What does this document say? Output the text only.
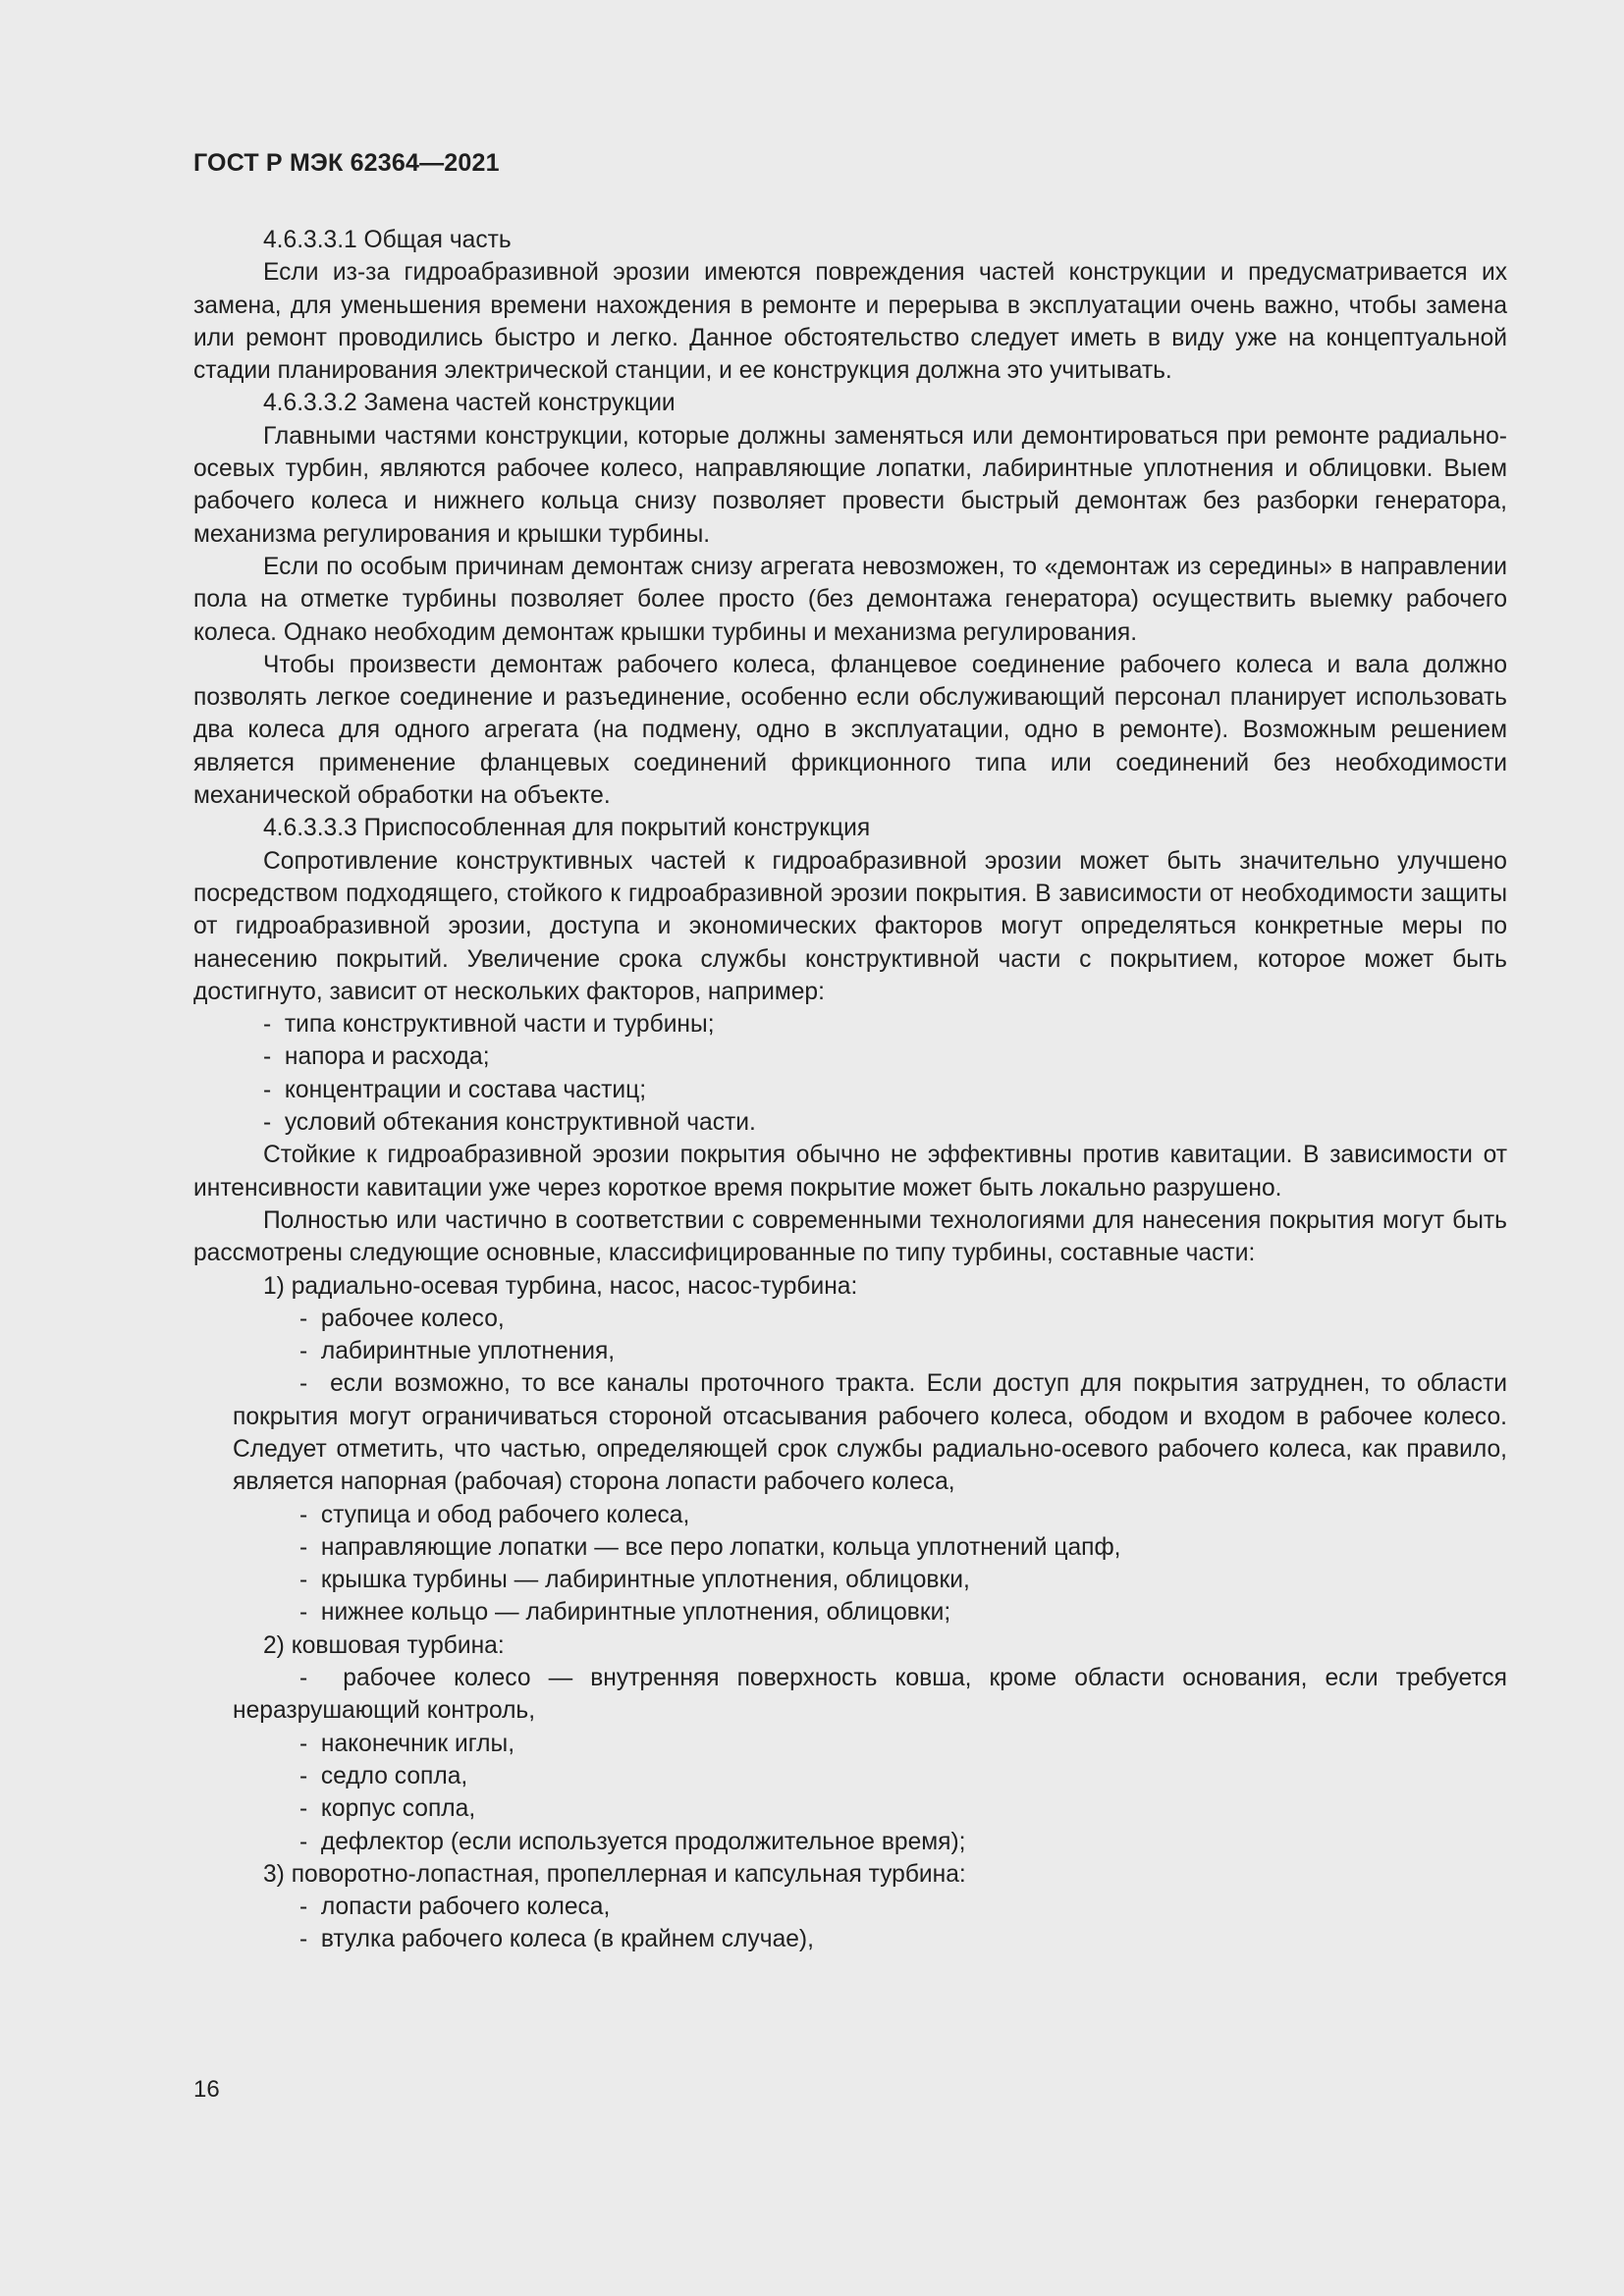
ГОСТ Р МЭК 62364—2021

4.6.3.3.1 Общая часть

Если из-за гидроабразивной эрозии имеются повреждения частей конструкции и предусматривается их замена, для уменьшения времени нахождения в ремонте и перерыва в эксплуатации очень важно, чтобы замена или ремонт проводились быстро и легко. Данное обстоятельство следует иметь в виду уже на концептуальной стадии планирования электрической станции, и ее конструкция должна это учитывать.

4.6.3.3.2 Замена частей конструкции

Главными частями конструкции, которые должны заменяться или демонтироваться при ремонте радиально-осевых турбин, являются рабочее колесо, направляющие лопатки, лабиринтные уплотнения и облицовки. Выем рабочего колеса и нижнего кольца снизу позволяет провести быстрый демонтаж без разборки генератора, механизма регулирования и крышки турбины.

Если по особым причинам демонтаж снизу агрегата невозможен, то «демонтаж из середины» в направлении пола на отметке турбины позволяет более просто (без демонтажа генератора) осуществить выемку рабочего колеса. Однако необходим демонтаж крышки турбины и механизма регулирования.

Чтобы произвести демонтаж рабочего колеса, фланцевое соединение рабочего колеса и вала должно позволять легкое соединение и разъединение, особенно если обслуживающий персонал планирует использовать два колеса для одного агрегата (на подмену, одно в эксплуатации, одно в ремонте). Возможным решением является применение фланцевых соединений фрикционного типа или соединений без необходимости механической обработки на объекте.

4.6.3.3.3 Приспособленная для покрытий конструкция

Сопротивление конструктивных частей к гидроабразивной эрозии может быть значительно улучшено посредством подходящего, стойкого к гидроабразивной эрозии покрытия. В зависимости от необходимости защиты от гидроабразивной эрозии, доступа и экономических факторов могут определяться конкретные меры по нанесению покрытий. Увеличение срока службы конструктивной части с покрытием, которое может быть достигнуто, зависит от нескольких факторов, например:

-  типа конструктивной части и турбины;

-  напора и расхода;

-  концентрации и состава частиц;

-  условий обтекания конструктивной части.

Стойкие к гидроабразивной эрозии покрытия обычно не эффективны против кавитации. В зависимости от интенсивности кавитации уже через короткое время покрытие может быть локально разрушено.

Полностью или частично в соответствии с современными технологиями для нанесения покрытия могут быть рассмотрены следующие основные, классифицированные по типу турбины, составные части:

1) радиально-осевая турбина, насос, насос-турбина:

-  рабочее колесо,

-  лабиринтные уплотнения,

-  если возможно, то все каналы проточного тракта. Если доступ для покрытия затруднен, то области покрытия могут ограничиваться стороной отсасывания рабочего колеса, ободом и входом в рабочее колесо. Следует отметить, что частью, определяющей срок службы радиально-осевого рабочего колеса, как правило, является напорная (рабочая) сторона лопасти рабочего колеса,

-  ступица и обод рабочего колеса,

-  направляющие лопатки — все перо лопатки, кольца уплотнений цапф,

-  крышка турбины — лабиринтные уплотнения, облицовки,

-  нижнее кольцо — лабиринтные уплотнения, облицовки;

2) ковшовая турбина:

-  рабочее колесо — внутренняя поверхность ковша, кроме области основания, если требуется неразрушающий контроль,

-  наконечник иглы,

-  седло сопла,

-  корпус сопла,

-  дефлектор (если используется продолжительное время);

3) поворотно-лопастная, пропеллерная и капсульная турбина:

-  лопасти рабочего колеса,

-  втулка рабочего колеса (в крайнем случае),

16
